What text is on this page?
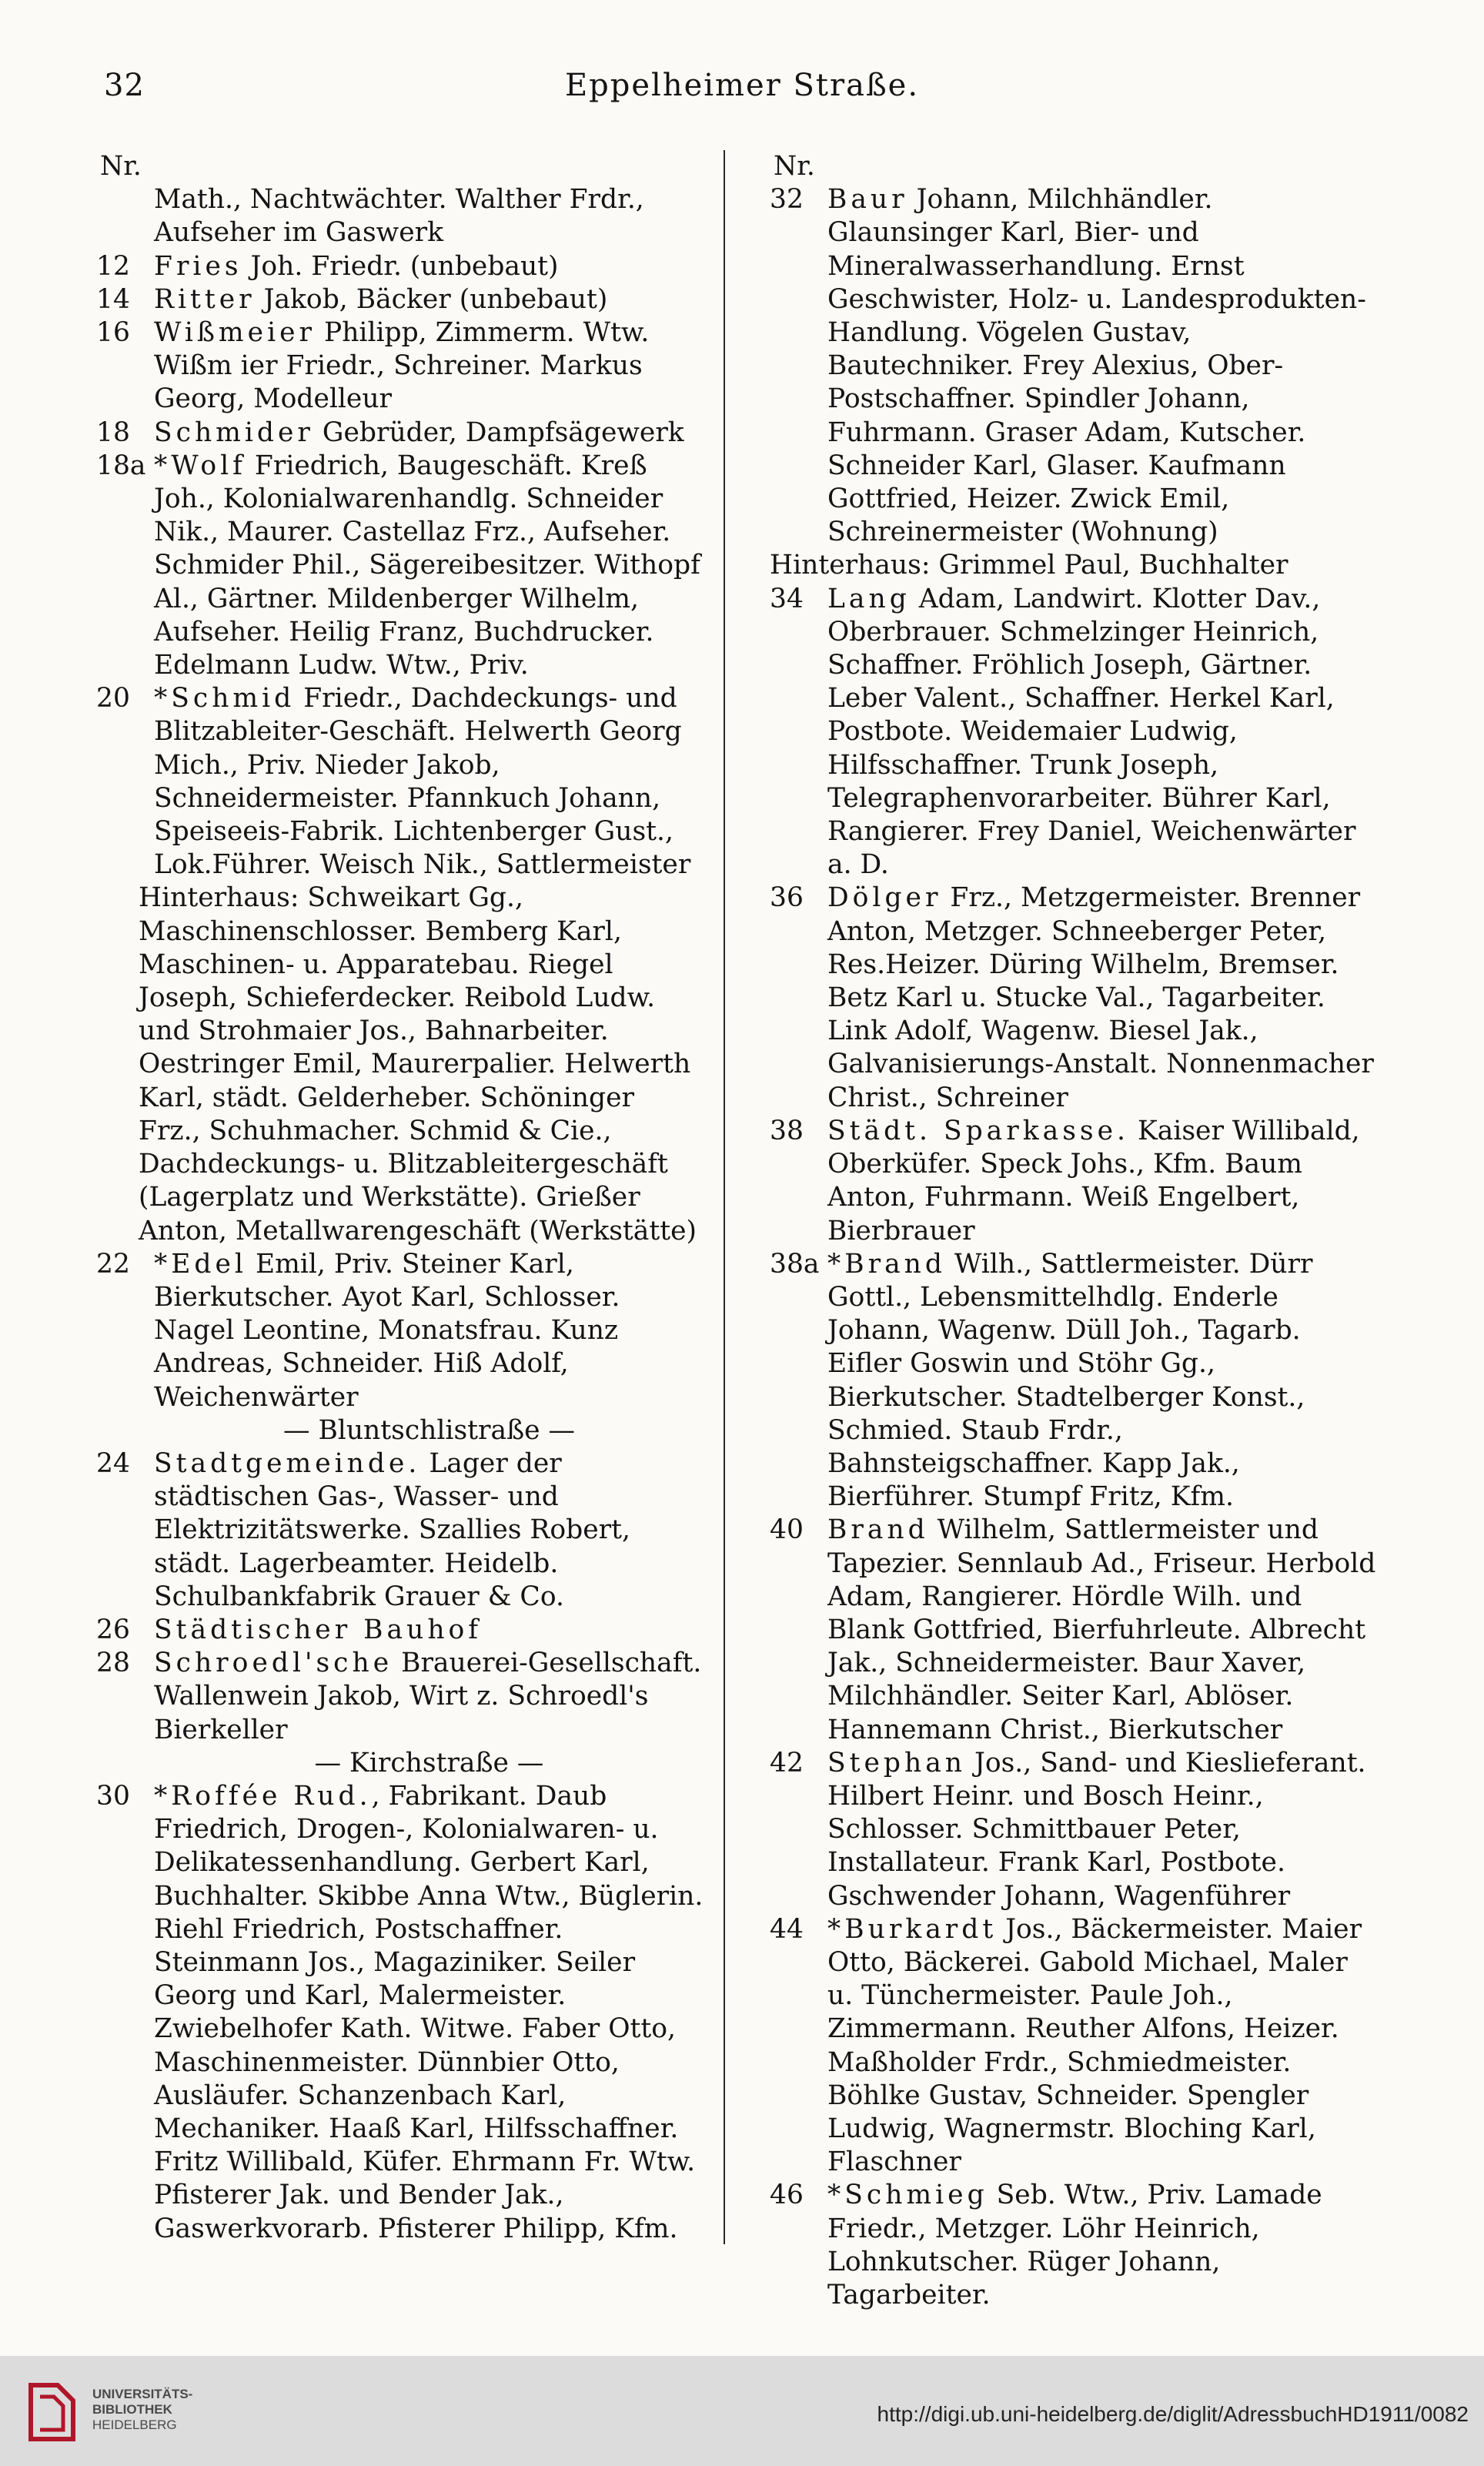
32	Eppelheimer Straße.
Nr.
Math., Nachtwächter. Walther Frdr., Aufseher im Gaswerk
12 Fries Joh. Friedr. (unbebaut)
14 Ritter Jakob, Bäcker (unbebaut)
16 Wißmeier Philipp, Zimmerm. Wtw. Wißm ier Friedr., Schreiner. Markus Georg, Modelleur
18 Schmider Gebrüder, Dampfsägewerk
18a *Wolf Friedrich, Baugeschäft. Kreß Joh., Kolonialwarenhandlg. Schneider Nik., Maurer. Castellaz Frz., Aufseher. Schmider Phil., Sägereibesitzer. Withopf Al., Gärtner. Mildenberger Wilhelm, Aufseher. Heilig Franz, Buchdrucker. Edelmann Ludw. Wtw., Priv.
20 *Schmid Friedr., Dachdeckungs- und Blitzableiter-Geschäft. Helwerth Georg Mich., Priv. Nieder Jakob, Schneidermeister. Pfannkuch Johann, Speiseeis-Fabrik. Lichtenberger Gust., Lok.Führer. Weisch Nik., Sattlermeister
Hinterhaus: Schweikart Gg., Maschinenschlosser. Bemberg Karl, Maschinen- u. Apparatebau. Riegel Joseph, Schieferdecker. Reibold Ludw. und Strohmaier Jos., Bahnarbeiter. Oestringer Emil, Maurerpalier. Helwerth Karl, städt. Gelderheber. Schöninger Frz., Schuhmacher. Schmid & Cie., Dachdeckungs- u. Blitzableitergeschäft (Lagerplatz und Werkstätte). Grießer Anton, Metallwarengeschäft (Werkstätte)
22 *Edel Emil, Priv. Steiner Karl, Bierkutscher. Ayot Karl, Schlosser. Nagel Leontine, Monatsfrau. Kunz Andreas, Schneider. Hiß Adolf, Weichenwärter
— Bluntschlistraße —
24 Stadtgemeinde. Lager der städtischen Gas-, Wasser- und Elektrizitätswerke. Szallies Robert, städt. Lagerbeamter. Heidelb. Schulbankfabrik Grauer & Co.
26 Städtischer Bauhof
28 Schroedl'sche Brauerei-Gesellschaft. Wallenwein Jakob, Wirt z. Schroedl's Bierkeller
— Kirchstraße —
30 *Roffée Rud., Fabrikant. Daub Friedrich, Drogen-, Kolonialwaren- u. Delikatessenhandlung. Gerbert Karl, Buchhalter. Skibbe Anna Wtw., Büglerin. Riehl Friedrich, Postschaffner. Steinmann Jos., Magaziniker. Seiler Georg und Karl, Malermeister. Zwiebelhofer Kath. Witwe. Faber Otto, Maschinenmeister. Dünnbier Otto, Ausläufer. Schanzenbach Karl, Mechaniker. Haaß Karl, Hilfsschaffner. Fritz Willibald, Küfer. Ehrmann Fr. Wtw. Pfisterer Jak. und Bender Jak., Gaswerkvorarb. Pfisterer Philipp, Kfm.
Nr.
32 Baur Johann, Milchhändler. Glaunsinger Karl, Bier- und Mineralwasserhandlung. Ernst Geschwister, Holz- u. Landesprodukten-Handlung. Vögelen Gustav, Bautechniker. Frey Alexius, Ober-Postschaffner. Spindler Johann, Fuhrmann. Graser Adam, Kutscher. Schneider Karl, Glaser. Kaufmann Gottfried, Heizer. Zwick Emil, Schreinermeister (Wohnung)
Hinterhaus: Grimmel Paul, Buchhalter
34 Lang Adam, Landwirt. Klotter Dav., Oberbrauer. Schmelzinger Heinrich, Schaffner. Fröhlich Joseph, Gärtner. Leber Valent., Schaffner. Herkel Karl, Postbote. Weidemaier Ludwig, Hilfsschaffner. Trunk Joseph, Telegraphenvorarbeiter. Bührer Karl, Rangierer. Frey Daniel, Weichenwärter a. D.
36 Dölger Frz., Metzgermeister. Brenner Anton, Metzger. Schneeberger Peter, Res.Heizer. Düring Wilhelm, Bremser. Betz Karl u. Stucke Val., Tagarbeiter. Link Adolf, Wagenw. Biesel Jak., Galvanisierungs-Anstalt. Nonnenmacher Christ., Schreiner
38 Städt. Sparkasse. Kaiser Willibald, Oberküfer. Speck Johs., Kfm. Baum Anton, Fuhrmann. Weiß Engelbert, Bierbrauer
38a *Brand Wilh., Sattlermeister. Dürr Gottl., Lebensmittelhdlg. Enderle Johann, Wagenw. Düll Joh., Tagarb. Eifler Goswin und Stöhr Gg., Bierkutscher. Stadtelberger Konst., Schmied. Staub Frdr., Bahnsteigschaffner. Kapp Jak., Bierführer. Stumpf Fritz, Kfm.
40 Brand Wilhelm, Sattlermeister und Tapezier. Sennlaub Ad., Friseur. Herbold Adam, Rangierer. Hördle Wilh. und Blank Gottfried, Bierfuhrleute. Albrecht Jak., Schneidermeister. Baur Xaver, Milchhändler. Seiter Karl, Ablöser. Hannemann Christ., Bierkutscher
42 Stephan Jos., Sand- und Kieslieferant. Hilbert Heinr. und Bosch Heinr., Schlosser. Schmittbauer Peter, Installateur. Frank Karl, Postbote. Gschwender Johann, Wagenführer
44 *Burkardt Jos., Bäckermeister. Maier Otto, Bäckerei. Gabold Michael, Maler u. Tünchermeister. Paule Joh., Zimmermann. Reuther Alfons, Heizer. Maßholder Frdr., Schmiedmeister. Böhlke Gustav, Schneider. Spengler Ludwig, Wagnermstr. Bloching Karl, Flaschner
46 *Schmieg Seb. Wtw., Priv. Lamade Friedr., Metzger. Löhr Heinrich, Lohnkutscher. Rüger Johann, Tagarbeiter.
UNIVERSITÄTS-
BIBLIOTHEK
HEIDELBERG	http://digi.ub.uni-heidelberg.de/diglit/AdressbuchHD1911/0082
